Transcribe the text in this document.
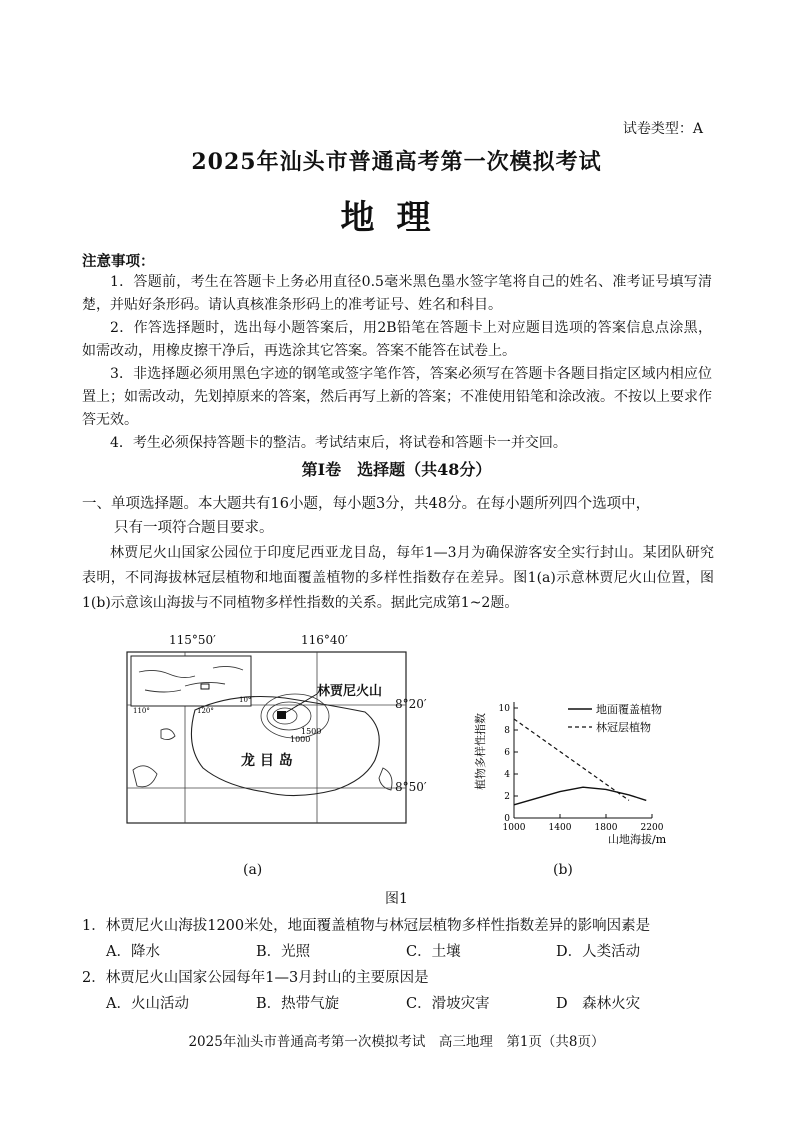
试卷类型：A
2025年汕头市普通高考第一次模拟考试
地理
注意事项：

1．答题前，考生在答题卡上务必用直径0.5毫米黑色墨水签字笔将自己的姓名、准考证号填写清楚，并贴好条形码。请认真核准条形码上的准考证号、姓名和科目。

2．作答选择题时，选出每小题答案后，用2B铅笔在答题卡上对应题目选项的答案信息点涂黑，如需改动，用橡皮擦干净后，再选涂其它答案。答案不能答在试卷上。

3．非选择题必须用黑色字迹的钢笔或签字笔作答，答案必须写在答题卡各题目指定区域内相应位置上；如需改动，先划掉原来的答案，然后再写上新的答案；不准使用铅笔和涂改液。不按以上要求作答无效。

4．考生必须保持答题卡的整洁。考试结束后，将试卷和答题卡一并交回。

第Ⅰ卷　选择题（共48分）
一、单项选择题。本大题共有16小题，每小题3分，共48分。在每小题所列四个选项中，
只有一项符合题目要求。

林贾尼火山国家公园位于印度尼西亚龙目岛，每年1—3月为确保游客安全实行封山。某团队研究表明，不同海拔林冠层植物和地面覆盖植物的多样性指数存在差异。图1(a)示意林贾尼火山位置，图1(b)示意该山海拔与不同植物多样性指数的关系。据此完成第1~2题。

1000
1500
110°	120°
10°
115°50′	116°40′
8°20′
8°50′
林贾尼火山
龙 目 岛
0
2
4
6
8
10
1000	1400	1800	2200
地面覆盖植物
林冠层植物
山地海拔/m
植物多样性指数
(a)	(b)
图1
1．林贾尼火山海拔1200米处，地面覆盖植物与林冠层植物多样性指数差异的影响因素是
A．降水	B．光照	C．土壤	D．人类活动
2．林贾尼火山国家公园每年1—3月封山的主要原因是
A．火山活动	B．热带气旋	C．滑坡灾害	D　森林火灾
2025年汕头市普通高考第一次模拟考试　高三地理　第1页（共8页）
